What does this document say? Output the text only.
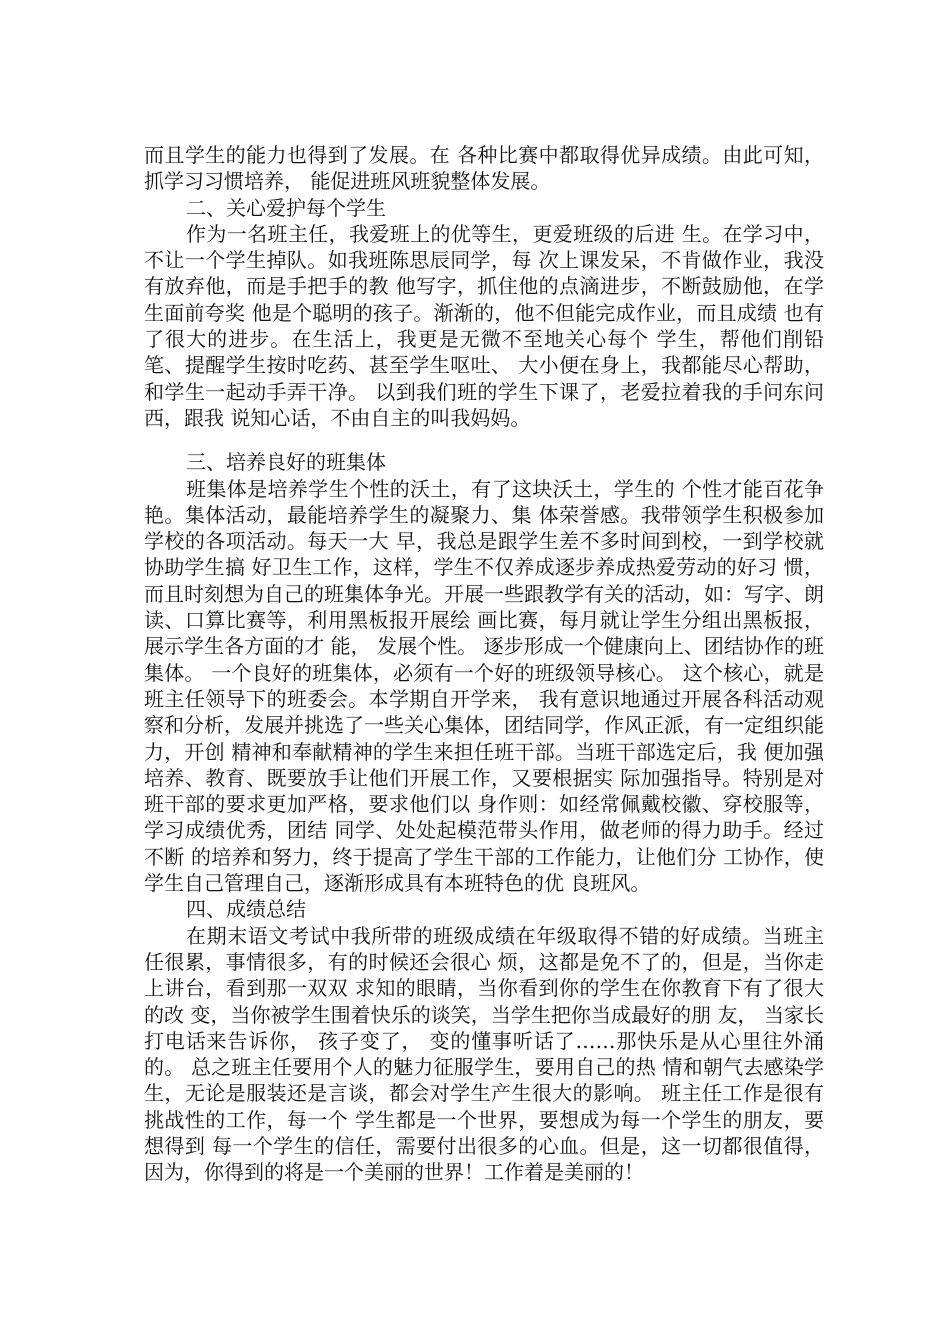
而且学生的能力也得到了发展。在 各种比赛中都取得优异成绩。由此可知，抓学习习惯培养， 能促进班风班貌整体发展。

二、关心爱护每个学生

作为一名班主任，我爱班上的优等生，更爱班级的后进 生。在学习中，不让一个学生掉队。如我班陈思辰同学，每 次上课发呆，不肯做作业，我没有放弃他，而是手把手的教 他写字，抓住他的点滴进步，不断鼓励他，在学生面前夸奖 他是个聪明的孩子。渐渐的，他不但能完成作业，而且成绩 也有了很大的进步。在生活上，我更是无微不至地关心每个 学生，帮他们削铅笔、提醒学生按时吃药、甚至学生呕吐、 大小便在身上，我都能尽心帮助，和学生一起动手弄干净。 以到我们班的学生下课了，老爱拉着我的手问东问西，跟我 说知心话，不由自主的叫我妈妈。

三、培养良好的班集体

班集体是培养学生个性的沃土，有了这块沃土，学生的 个性才能百花争艳。集体活动，最能培养学生的凝聚力、集 体荣誉感。我带领学生积极参加学校的各项活动。每天一大 早，我总是跟学生差不多时间到校，一到学校就协助学生搞 好卫生工作，这样，学生不仅养成逐步养成热爱劳动的好习 惯，而且时刻想为自己的班集体争光。开展一些跟教学有关的活动，如：写字、朗读、口算比赛等，利用黑板报开展绘 画比赛，每月就让学生分组出黑板报，展示学生各方面的才 能， 发展个性。 逐步形成一个健康向上、团结协作的班集体。 一个良好的班集体，必须有一个好的班级领导核心。 这个核心，就是班主任领导下的班委会。本学期自开学来， 我有意识地通过开展各科活动观察和分析，发展并挑选了一些关心集体，团结同学，作风正派，有一定组织能力，开创 精神和奉献精神的学生来担任班干部。当班干部选定后，我 便加强培养、教育、既要放手让他们开展工作，又要根据实 际加强指导。特别是对班干部的要求更加严格，要求他们以 身作则：如经常佩戴校徽、穿校服等，学习成绩优秀，团结 同学、处处起模范带头作用，做老师的得力助手。经过不断 的培养和努力，终于提高了学生干部的工作能力，让他们分 工协作，使学生自己管理自己，逐渐形成具有本班特色的优 良班风。

四、成绩总结

在期末语文考试中我所带的班级成绩在年级取得不错的好成绩。当班主任很累，事情很多，有的时候还会很心 烦，这都是免不了的，但是，当你走上讲台，看到那一双双 求知的眼睛，当你看到你的学生在你教育下有了很大的改 变，当你被学生围着快乐的谈笑，当学生把你当成最好的朋 友， 当家长打电话来告诉你， 孩子变了， 变的懂事听话了……那快乐是从心里往外涌的。 总之班主任要用个人的魅力征服学生，要用自己的热 情和朝气去感染学生，无论是服装还是言谈，都会对学生产生很大的影响。 班主任工作是很有挑战性的工作，每一个 学生都是一个世界，要想成为每一个学生的朋友，要想得到 每一个学生的信任，需要付出很多的心血。但是，这一切都很值得，因为，你得到的将是一个美丽的世界！工作着是美丽的！
